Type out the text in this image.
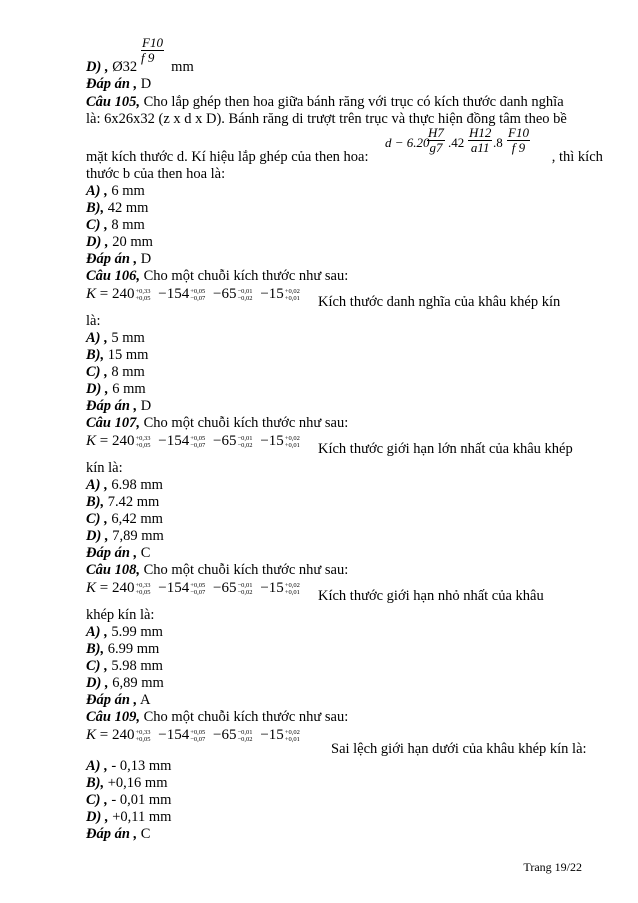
$\frac{F10}{f 9}$
D) , Ø32 mm
Đáp án , D
Câu 105, Cho lắp ghép then hoa giữa bánh răng với trục có kích thước danh nghĩa
là: 6x26x32 (z x d x D). Bánh răng di trượt trên trục và thực hiện đồng tâm theo bề
d − 6.20
$\frac{H7}{g7} .42 \frac{H12}{a11} .8 \frac{F10}{f 9}$
mặt kích thước d. Kí hiệu lắp ghép của then hoa:	, thì kích
thước b của then hoa là:
A) , 6 mm
B), 42 mm
C) , 8 mm
D) , 20 mm
Đáp án , D
Câu 106, Cho một chuỗi kích thước như sau:
K = 240 +0,33
+0,05 −154 +0,05
−0,07 −65 −0,01
−0,02 −15 +0,02
+0,01 Kích thước danh nghĩa của khâu khép kín
là:
A) , 5 mm
B), 15 mm
C) , 8 mm
D) , 6 mm
Đáp án , D
Câu 107, Cho một chuỗi kích thước như sau:
K = 240 +0,33
+0,05 −154 +0,05
−0,07 −65 −0,01
−0,02 −15 +0,02
+0,01 Kích thước giới hạn lớn nhất của khâu khép
kín là:
A) , 6.98 mm
B), 7.42 mm
C) , 6,42 mm
D) , 7,89 mm
Đáp án , C
Câu 108, Cho một chuỗi kích thước như sau:
K = 240 +0,33
+0,05 −154 +0,05
−0,07 −65 −0,01
−0,02 −15 +0,02
+0,01 Kích thước giới hạn nhỏ nhất của khâu
khép kín là:
A) , 5.99 mm
B), 6.99 mm
C) , 5.98 mm
D) , 6,89 mm
Đáp án , A
Câu 109, Cho một chuỗi kích thước như sau:
K = 240 +0,33
+0,05 −154 +0,05
−0,07 −65 −0,01
−0,02 −15 +0,02
+0,01
Sai lệch giới hạn dưới của khâu khép kín là:
A) , - 0,13 mm
B), +0,16 mm
C) , - 0,01 mm
D) , +0,11 mm
Đáp án , C
Trang 19/22
